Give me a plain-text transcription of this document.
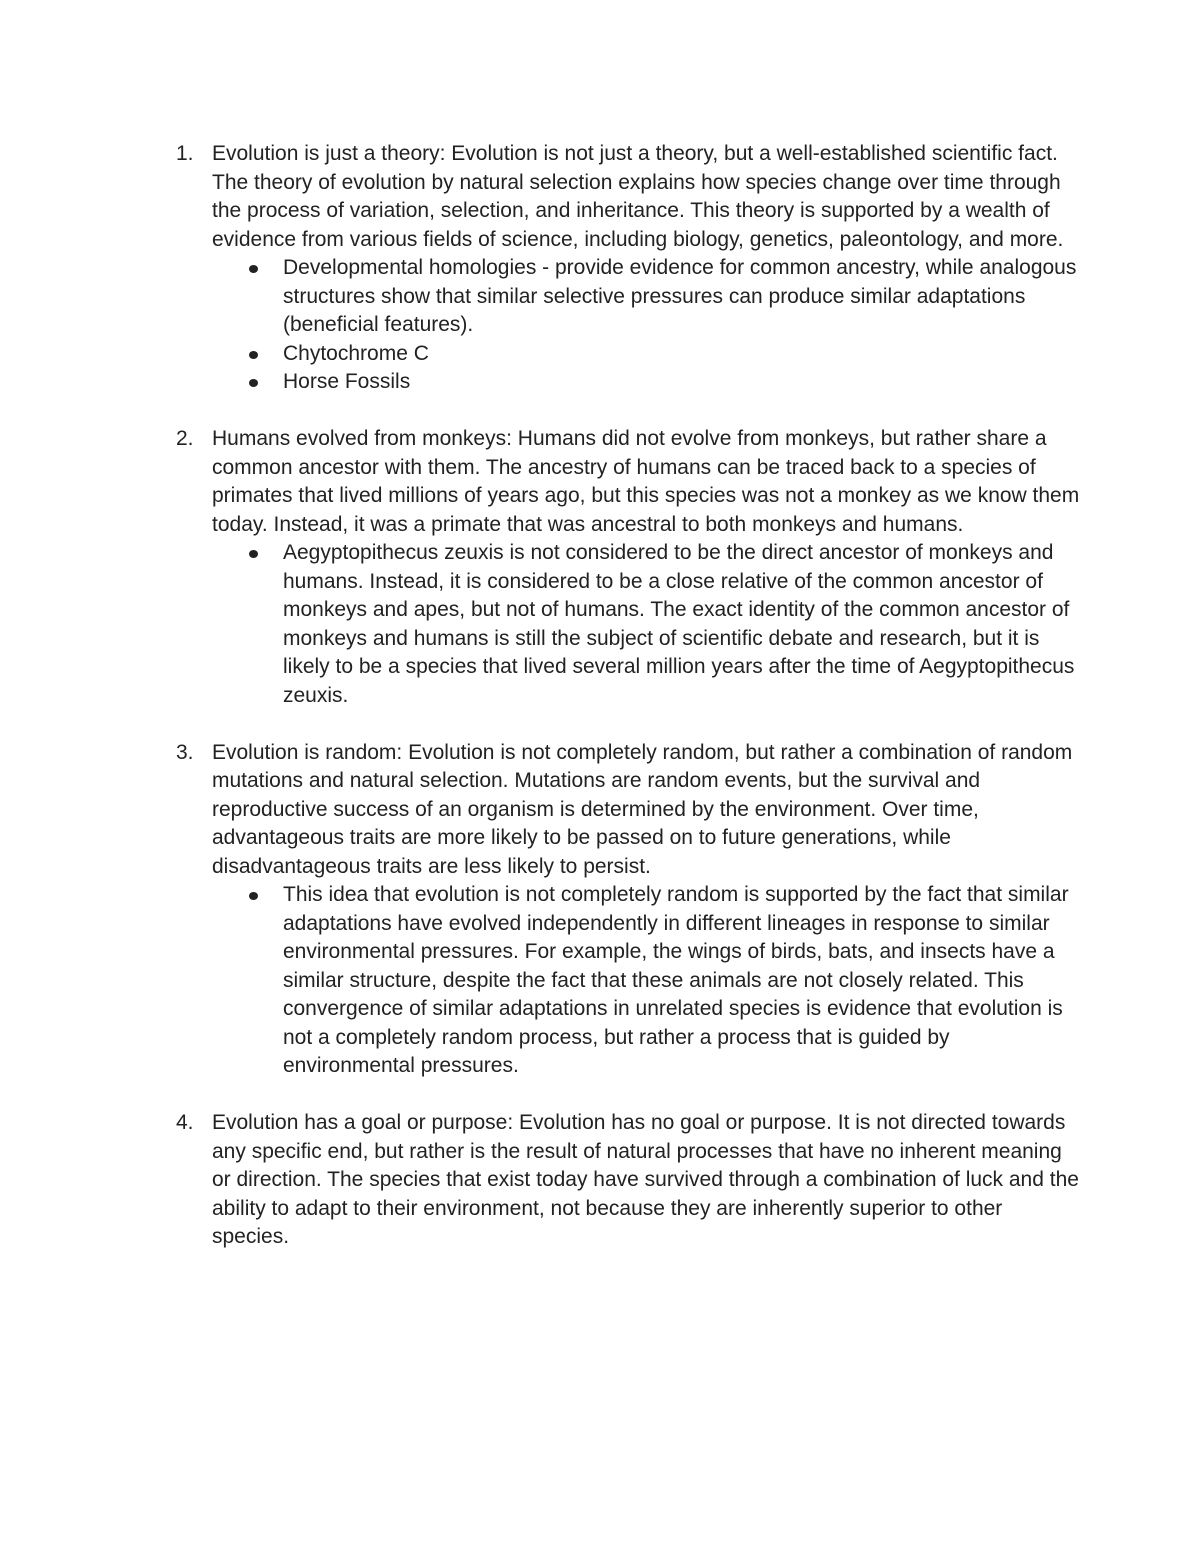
1. Evolution is just a theory: Evolution is not just a theory, but a well-established scientific fact. The theory of evolution by natural selection explains how species change over time through the process of variation, selection, and inheritance. This theory is supported by a wealth of evidence from various fields of science, including biology, genetics, paleontology, and more.

Developmental homologies - provide evidence for common ancestry, while analogous structures show that similar selective pressures can produce similar adaptations (beneficial features).
Chytochrome C
Horse Fossils
2. Humans evolved from monkeys: Humans did not evolve from monkeys, but rather share a common ancestor with them. The ancestry of humans can be traced back to a species of primates that lived millions of years ago, but this species was not a monkey as we know them today. Instead, it was a primate that was ancestral to both monkeys and humans.

Aegyptopithecus zeuxis is not considered to be the direct ancestor of monkeys and humans. Instead, it is considered to be a close relative of the common ancestor of monkeys and apes, but not of humans. The exact identity of the common ancestor of monkeys and humans is still the subject of scientific debate and research, but it is likely to be a species that lived several million years after the time of Aegyptopithecus zeuxis.
3. Evolution is random: Evolution is not completely random, but rather a combination of random mutations and natural selection. Mutations are random events, but the survival and reproductive success of an organism is determined by the environment. Over time, advantageous traits are more likely to be passed on to future generations, while disadvantageous traits are less likely to persist.

This idea that evolution is not completely random is supported by the fact that similar adaptations have evolved independently in different lineages in response to similar environmental pressures. For example, the wings of birds, bats, and insects have a similar structure, despite the fact that these animals are not closely related. This convergence of similar adaptations in unrelated species is evidence that evolution is not a completely random process, but rather a process that is guided by environmental pressures.
4. Evolution has a goal or purpose: Evolution has no goal or purpose. It is not directed towards any specific end, but rather is the result of natural processes that have no inherent meaning or direction. The species that exist today have survived through a combination of luck and the ability to adapt to their environment, not because they are inherently superior to other species.
